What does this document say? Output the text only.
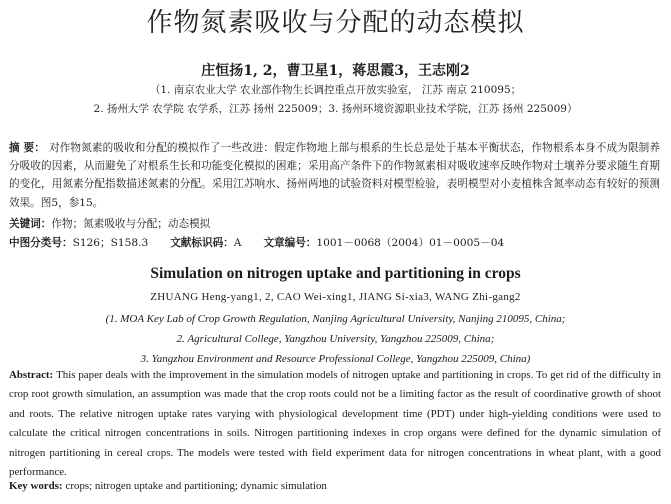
作物氮素吸收与分配的动态模拟
庄恒扬1, 2，曹卫星1，蒋思霞3，王志刚2
（1. 南京农业大学 农业部作物生长调控重点开放实验室， 江苏 南京 210095；
2. 扬州大学 农学院 农学系，江苏 扬州 225009；3. 扬州环境资源职业技术学院，江苏 扬州 225009）
摘 要： 对作物氮素的吸收和分配的模拟作了一些改进：假定作物地上部与根系的生长总是处于基本平衡状态，作物根系本身不成为限制养分吸收的因素，从而避免了对根系生长和功能变化模拟的困难；采用高产条件下的作物氮素相对吸收速率反映作物对土壤养分要求随生育期的变化，用氮素分配指数描述氮素的分配。采用江苏响水、扬州两地的试验资料对模型检验，表明模型对小麦植株含氮率动态有较好的预测效果。图5，参15。
关键词：作物；氮素吸收与分配；动态模拟
中图分类号：S126；S158.3 文献标识码：A 文章编号：1001－0068（2004）01－0005－04
Simulation on nitrogen uptake and partitioning in crops
ZHUANG Heng-yang1, 2, CAO Wei-xing1, JIANG Si-xia3, WANG Zhi-gang2
(1. MOA Key Lab of Crop Growth Regulation, Nanjing Agricultural University, Nanjing 210095, China;
2. Agricultural College, Yangzhou University, Yangzhou 225009, China;
3. Yangzhou Environment and Resource Professional College, Yangzhou 225009, China)
Abstract: This paper deals with the improvement in the simulation models of nitrogen uptake and partitioning in crops. To get rid of the difficulty in crop root growth simulation, an assumption was made that the crop roots could not be a limiting factor as the result of coordinative growth of shoot and roots. The relative nitrogen uptake rates varying with physiological development time (PDT) under high-yielding conditions were used to calculate the critical nitrogen concentrations in soils. Nitrogen partitioning indexes in crop organs were defined for the dynamic simulation of nitrogen partitioning in cereal crops. The models were tested with field experiment data for nitrogen concentrations in wheat plant, with a good performance.
Key words: crops; nitrogen uptake and partitioning; dynamic simulation
